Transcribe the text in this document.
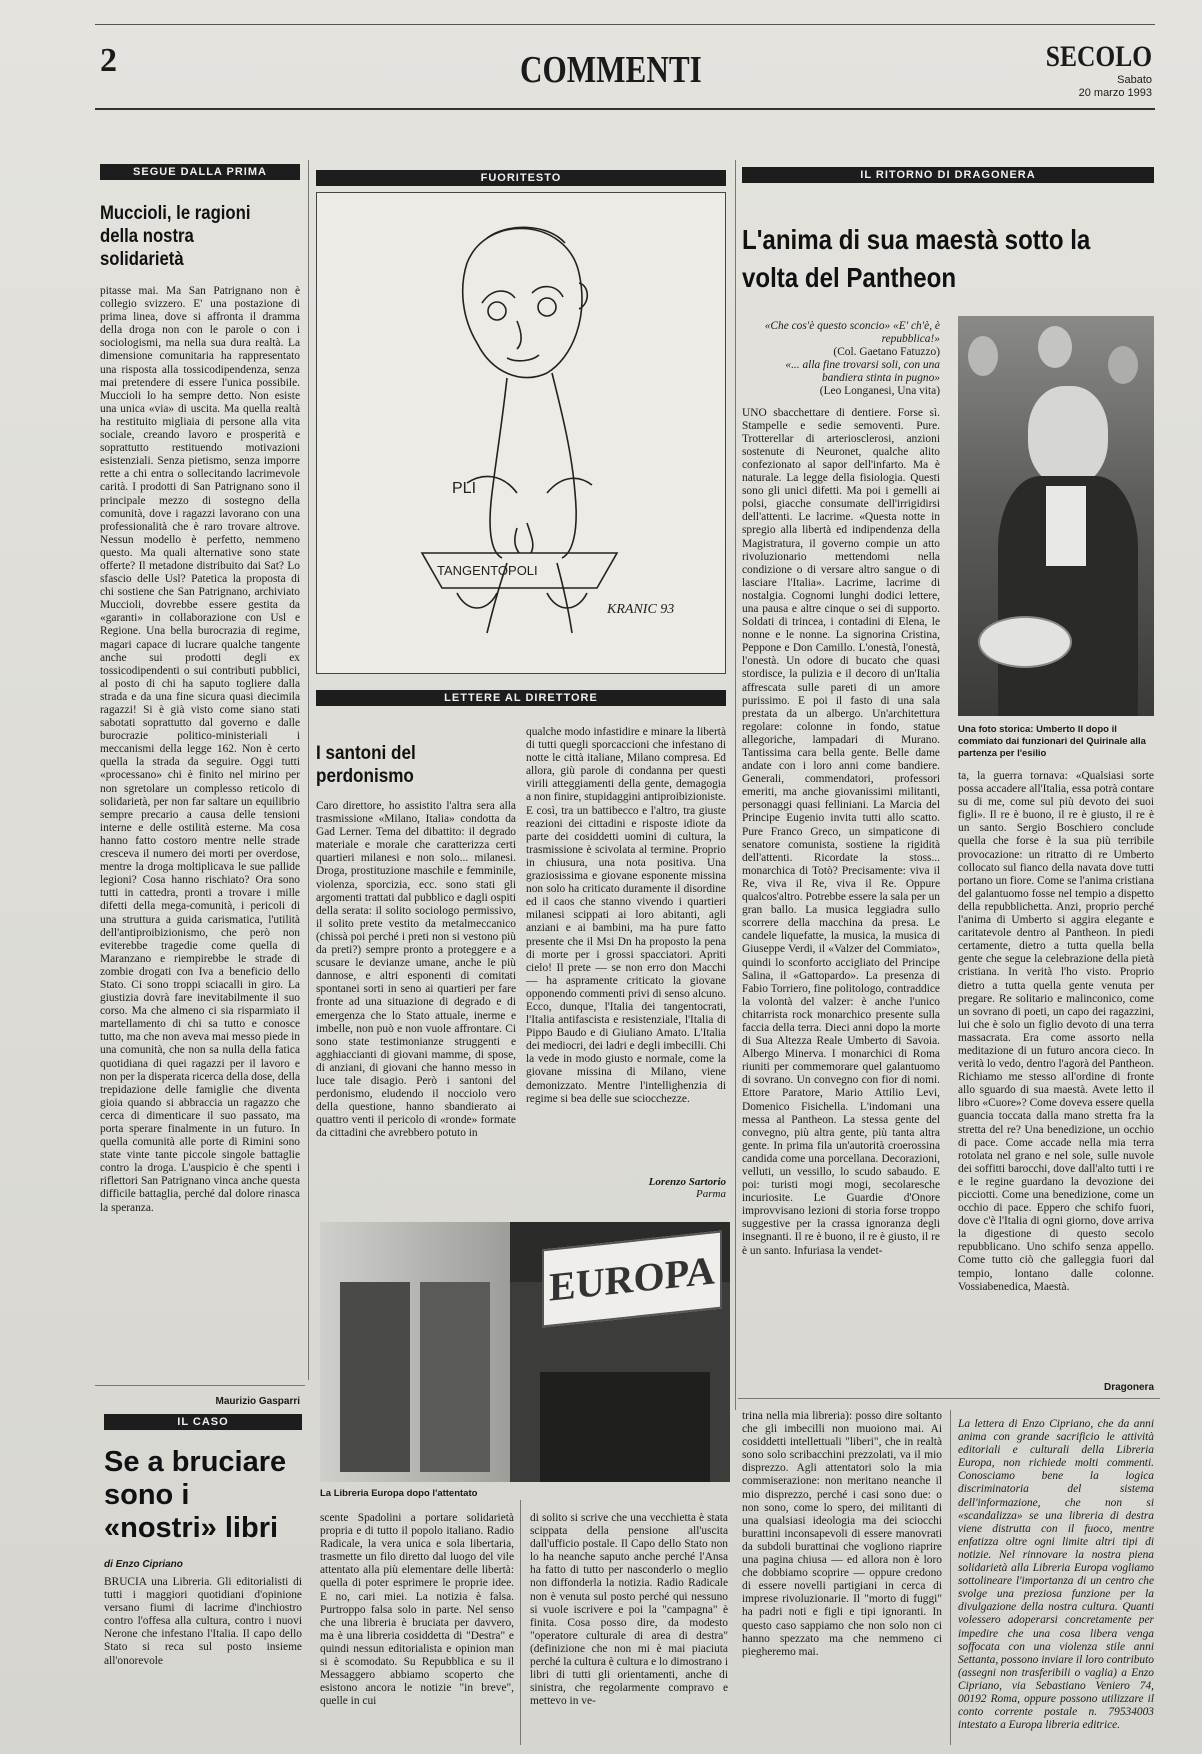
2	COMMENTI	SECOLO
Sabato
20 marzo 1993
SEGUE DALLA PRIMA
Muccioli, le ragioni della nostra solidarietà
pitasse mai. Ma San Patrignano non è collegio svizzero. E' una postazione di prima linea, dove si affronta il dramma della droga non con le parole o con i sociologismi, ma nella sua dura realtà. La dimensione comunitaria ha rappresentato una risposta alla tossicodipendenza, senza mai pretendere di essere l'unica possibile. Muccioli lo ha sempre detto. Non esiste una unica «via» di uscita. Ma quella realtà ha restituito migliaia di persone alla vita sociale, creando lavoro e prosperità e soprattutto restituendo motivazioni esistenziali. Senza pietismo, senza imporre rette a chi entra o sollecitando lacrimevole carità. I prodotti di San Patrignano sono il principale mezzo di sostegno della comunità, dove i ragazzi lavorano con una professionalità che è raro trovare altrove. Nessun modello è perfetto, nemmeno questo. Ma quali alternative sono state offerte? Il metadone distribuito dai Sat? Lo sfascio delle Usl? Patetica la proposta di chi sostiene che San Patrignano, archiviato Muccioli, dovrebbe essere gestita da «garanti» in collaborazione con Usl e Regione. Una bella burocrazia di regime, magari capace di lucrare qualche tangente anche sui prodotti degli ex tossicodipendenti o sui contributi pubblici, al posto di chi ha saputo togliere dalla strada e da una fine sicura quasi diecimila ragazzi! Si è già visto come siano stati sabotati soprattutto dal governo e dalle burocrazie politico-ministeriali i meccanismi della legge 162. Non è certo quella la strada da seguire. Oggi tutti «processano» chi è finito nel mirino per non sgretolare un complesso reticolo di solidarietà, per non far saltare un equilibrio sempre precario a causa delle tensioni interne e delle ostilità esterne. Ma cosa hanno fatto costoro mentre nelle strade cresceva il numero dei morti per overdose, mentre la droga moltiplicava le sue pallide legioni? Cosa hanno rischiato? Ora sono tutti in cattedra, pronti a trovare i mille difetti della mega-comunità, i pericoli di una struttura a guida carismatica, l'utilità dell'antiproibizionismo, che però non eviterebbe tragedie come quella di Maranzano e riempirebbe le strade di zombie drogati con Iva a beneficio dello Stato. Ci sono troppi sciacalli in giro. La giustizia dovrà fare inevitabilmente il suo corso. Ma che almeno ci sia risparmiato il martellamento di chi sa tutto e conosce tutto, ma che non aveva mai messo piede in una comunità, che non sa nulla della fatica quotidiana di quei ragazzi per il lavoro e non per la disperata ricerca della dose, della trepidazione delle famiglie che diventa gioia quando si abbraccia un ragazzo che cerca di dimenticare il suo passato, ma porta sperare finalmente in un futuro. In quella comunità alle porte di Rimini sono state vinte tante piccole singole battaglie contro la droga. L'auspicio è che spenti i riflettori San Patrignano vinca anche questa difficile battaglia, perché dal dolore rinasca la speranza.
Maurizio Gasparri
FUORITESTO
PLI
TANGENTOPOLI
KRANIC 93
LETTERE AL DIRETTORE
I santoni del perdonismo
Caro direttore, ho assistito l'altra sera alla trasmissione «Milano, Italia» condotta da Gad Lerner. Tema del dibattito: il degrado materiale e morale che caratterizza certi quartieri milanesi e non solo... milanesi. Droga, prostituzione maschile e femminile, violenza, sporcizia, ecc. sono stati gli argomenti trattati dal pubblico e dagli ospiti della serata: il solito sociologo permissivo, il solito prete vestito da metalmeccanico (chissà poi perché i preti non si vestono più da preti?) sempre pronto a proteggere e a scusare le devianze umane, anche le più dannose, e altri esponenti di comitati spontanei sorti in seno ai quartieri per fare fronte ad una situazione di degrado e di emergenza che lo Stato attuale, inerme e imbelle, non può e non vuole affrontare. Ci sono state testimonianze struggenti e agghiaccianti di giovani mamme, di spose, di anziani, di giovani che hanno messo in luce tale disagio. Però i santoni del perdonismo, eludendo il nocciolo vero della questione, hanno sbandierato ai quattro venti il pericolo di «ronde» formate da cittadini che avrebbero potuto in
qualche modo infastidire e minare la libertà di tutti quegli sporcaccioni che infestano di notte le città italiane, Milano compresa. Ed allora, giù parole di condanna per questi virili atteggiamenti della gente, demagogia a non finire, stupidaggini antiproibizioniste. E così, tra un battibecco e l'altro, tra giuste reazioni dei cittadini e risposte idiote da parte dei cosiddetti uomini di cultura, la trasmissione è scivolata al termine. Proprio in chiusura, una nota positiva. Una graziosissima e giovane esponente missina non solo ha criticato duramente il disordine ed il caos che stanno vivendo i quartieri milanesi scippati ai loro abitanti, agli anziani e ai bambini, ma ha pure fatto presente che il Msi Dn ha proposto la pena di morte per i grossi spacciatori. Apriti cielo! Il prete — se non erro don Macchi — ha aspramente criticato la giovane opponendo commenti privi di senso alcuno. Ecco, dunque, l'Italia dei tangentocrati, l'Italia antifascista e resistenziale, l'Italia di Pippo Baudo e di Giuliano Amato. L'Italia dei mediocri, dei ladri e degli imbecilli. Chi la vede in modo giusto e normale, come la giovane missina di Milano, viene demonizzato. Mentre l'intellighenzia di regime si bea delle sue sciocchezze.
Lorenzo Sartorio
Parma
EUROPA
La Libreria Europa dopo l'attentato
IL RITORNO DI DRAGONERA
L'anima di sua maestà sotto la volta del Pantheon
«Che cos'è questo sconcio» «E' ch'è, è repubblica!»
(Col. Gaetano Fatuzzo)
«... alla fine trovarsi soli, con una bandiera stinta in pugno»
(Leo Longanesi, Una vita)
UNO sbacchettare di dentiere. Forse sì. Stampelle e sedie semoventi. Pure. Trotterellar di arteriosclerosi, anzioni sostenute di Neuronet, qualche alito confezionato al sapor dell'infarto. Ma è naturale. La legge della fisiologia. Questi sono gli unici difetti. Ma poi i gemelli ai polsi, giacche consumate dell'irrigidirsi dell'attenti. Le lacrime. «Questa notte in spregio alla libertà ed indipendenza della Magistratura, il governo compie un atto rivoluzionario mettendomi nella condizione o di versare altro sangue o di lasciare l'Italia». Lacrime, lacrime di nostalgia. Cognomi lunghi dodici lettere, una pausa e altre cinque o sei di supporto. Soldati di trincea, i contadini di Elena, le nonne e le nonne. La signorina Cristina, Peppone e Don Camillo. L'onestà, l'onestà, l'onestà. Un odore di bucato che quasi stordisce, la pulizia e il decoro di un'Italia affrescata sulle pareti di un amore purissimo. E poi il fasto di una sala prestata da un albergo. Un'architettura regolare: colonne in fondo, statue allegoriche, lampadari di Murano. Tantissima cara bella gente. Belle dame andate con i loro anni come bandiere. Generali, commendatori, professori emeriti, ma anche giovanissimi militanti, personaggi quasi felliniani. La Marcia del Principe Eugenio invita tutti allo scatto. Pure Franco Greco, un simpaticone di senatore comunista, sostiene la rigidità dell'attenti. Ricordate la stoss... monarchica di Totò? Precisamente: viva il Re, viva il Re, viva il Re. Oppure qualcos'altro. Potrebbe essere la sala per un gran ballo. La musica leggiadra sullo scorrere della macchina da presa. Le candele liquefatte, la musica, la musica di Giuseppe Verdi, il «Valzer del Commiato», quindi lo sconforto accigliato del Principe Salina, il «Gattopardo». La presenza di Fabio Torriero, fine politologo, contraddice la volontà del valzer: è anche l'unico chitarrista rock monarchico presente sulla faccia della terra. Dieci anni dopo la morte di Sua Altezza Reale Umberto di Savoia. Albergo Minerva. I monarchici di Roma riuniti per commemorare quel galantuomo di sovrano. Un convegno con fior di nomi. Ettore Paratore, Mario Attilio Levi, Domenico Fisichella. L'indomani una messa al Pantheon. La stessa gente del convegno, più altra gente, più tanta altra gente. In prima fila un'autorità croerossina candida come una porcellana. Decorazioni, velluti, un vessillo, lo scudo sabaudo. E poi: turisti mogi mogi, secolaresche incuriosite. Le Guardie d'Onore improvvisano lezioni di storia forse troppo suggestive per la crassa ignoranza degli insegnanti. Il re è buono, il re è giusto, il re è un santo. Infuriasa la vendet-
Una foto storica: Umberto II dopo il commiato dai funzionari del Quirinale alla partenza per l'esilio
ta, la guerra tornava: «Qualsiasi sorte possa accadere all'Italia, essa potrà contare su di me, come sul più devoto dei suoi figli». Il re è buono, il re è giusto, il re è un santo. Sergio Boschiero conclude quella che forse è la sua più terribile provocazione: un ritratto di re Umberto collocato sul fianco della navata dove tutti portano un fiore. Come se l'anima cristiana del galantuomo fosse nel tempio a dispetto della repubblichetta. Anzi, proprio perché l'anima di Umberto si aggira elegante e caritatevole dentro al Pantheon. In piedi certamente, dietro a tutta quella bella gente che segue la celebrazione della pietà cristiana. In verità l'ho visto. Proprio dietro a tutta quella gente venuta per pregare. Re solitario e malinconico, come un sovrano di poeti, un capo dei ragazzini, lui che è solo un figlio devoto di una terra massacrata. Era come assorto nella meditazione di un futuro ancora cieco. In verità lo vedo, dentro l'agorà del Pantheon. Richiamo me stesso all'ordine di fronte allo sguardo di sua maestà. Avete letto il libro «Cuore»? Come doveva essere quella guancia toccata dalla mano stretta fra la stretta del re? Una benedizione, un occhio di pace. Come accade nella mia terra rotolata nel grano e nel sole, sulle nuvole dei soffitti barocchi, dove dall'alto tutti i re e le regine guardano la devozione dei picciotti. Come una benedizione, come un occhio di pace. Eppero che schifo fuori, dove c'è l'Italia di ogni giorno, dove arriva la digestione di questo secolo repubblicano. Uno schifo senza appello. Come tutto ciò che galleggia fuori dal tempio, lontano dalle colonne. Vossiabenedica, Maestà.
Dragonera
IL CASO
Se a bruciare sono i «nostri» libri
di Enzo Cipriano
BRUCIA una Libreria. Gli editorialisti di tutti i maggiori quotidiani d'opinione versano fiumi di lacrime d'inchiostro contro l'offesa alla cultura, contro i nuovi Nerone che infestano l'Italia. Il capo dello Stato si reca sul posto insieme all'onorevole
scente Spadolini a portare solidarietà propria e di tutto il popolo italiano. Radio Radicale, la vera unica e sola libertaria, trasmette un filo diretto dal luogo del vile attentato alla più elementare delle libertà: quella di poter esprimere le proprie idee. E no, cari miei. La notizia è falsa. Purtroppo falsa solo in parte. Nel senso che una libreria è bruciata per davvero, ma è una libreria cosiddetta di "Destra" e quindi nessun editorialista e opinion man si è scomodato. Su Repubblica e su il Messaggero abbiamo scoperto che esistono ancora le notizie "in breve", quelle in cui
di solito si scrive che una vecchietta è stata scippata della pensione all'uscita dall'ufficio postale. Il Capo dello Stato non lo ha neanche saputo anche perché l'Ansa ha fatto di tutto per nasconderlo o meglio non diffonderla la notizia. Radio Radicale non è venuta sul posto perché qui nessuno si vuole iscrivere e poi la "campagna" è finita. Cosa posso dire, da modesto "operatore culturale di area di destra" (definizione che non mi è mai piaciuta perché la cultura è cultura e lo dimostrano i libri di tutti gli orientamenti, anche di sinistra, che regolarmente compravo e mettevo in ve-
trina nella mia libreria): posso dire soltanto che gli imbecilli non muoiono mai. Ai cosiddetti intellettuali "liberi", che in realtà sono solo scribacchini prezzolati, va il mio disprezzo. Agli attentatori solo la mia commiserazione: non meritano neanche il mio disprezzo, perché i casi sono due: o non sono, come lo spero, dei militanti di una qualsiasi ideologia ma dei sciocchi burattini inconsapevoli di essere manovrati da subdoli burattinai che vogliono riaprire una pagina chiusa — ed allora non è loro che dobbiamo scoprire — oppure credono di essere novelli partigiani in cerca di imprese rivoluzionarie. Il "morto di fuggi" ha padri noti e figli e tipi ignoranti. In questo caso sappiamo che non solo non ci hanno spezzato ma che nemmeno ci piegheremo mai.
La lettera di Enzo Cipriano, che da anni anima con grande sacrificio le attività editoriali e culturali della Libreria Europa, non richiede molti commenti. Conosciamo bene la logica discriminatoria del sistema dell'informazione, che non si «scandalizza» se una libreria di destra viene distrutta con il fuoco, mentre enfatizza oltre ogni limite altri tipi di notizie. Nel rinnovare la nostra piena solidarietà alla Libreria Europa vogliamo sottolineare l'importanza di un centro che svolge una preziosa funzione per la divulgazione della nostra cultura. Quanti volessero adoperarsi concretamente per impedire che una cosa libera venga soffocata con una violenza stile anni Settanta, possono inviare il loro contributo (assegni non trasferibili o vaglia) a Enzo Cipriano, via Sebastiano Veniero 74, 00192 Roma, oppure possono utilizzare il conto corrente postale n. 79534003 intestato a Europa libreria editrice.
